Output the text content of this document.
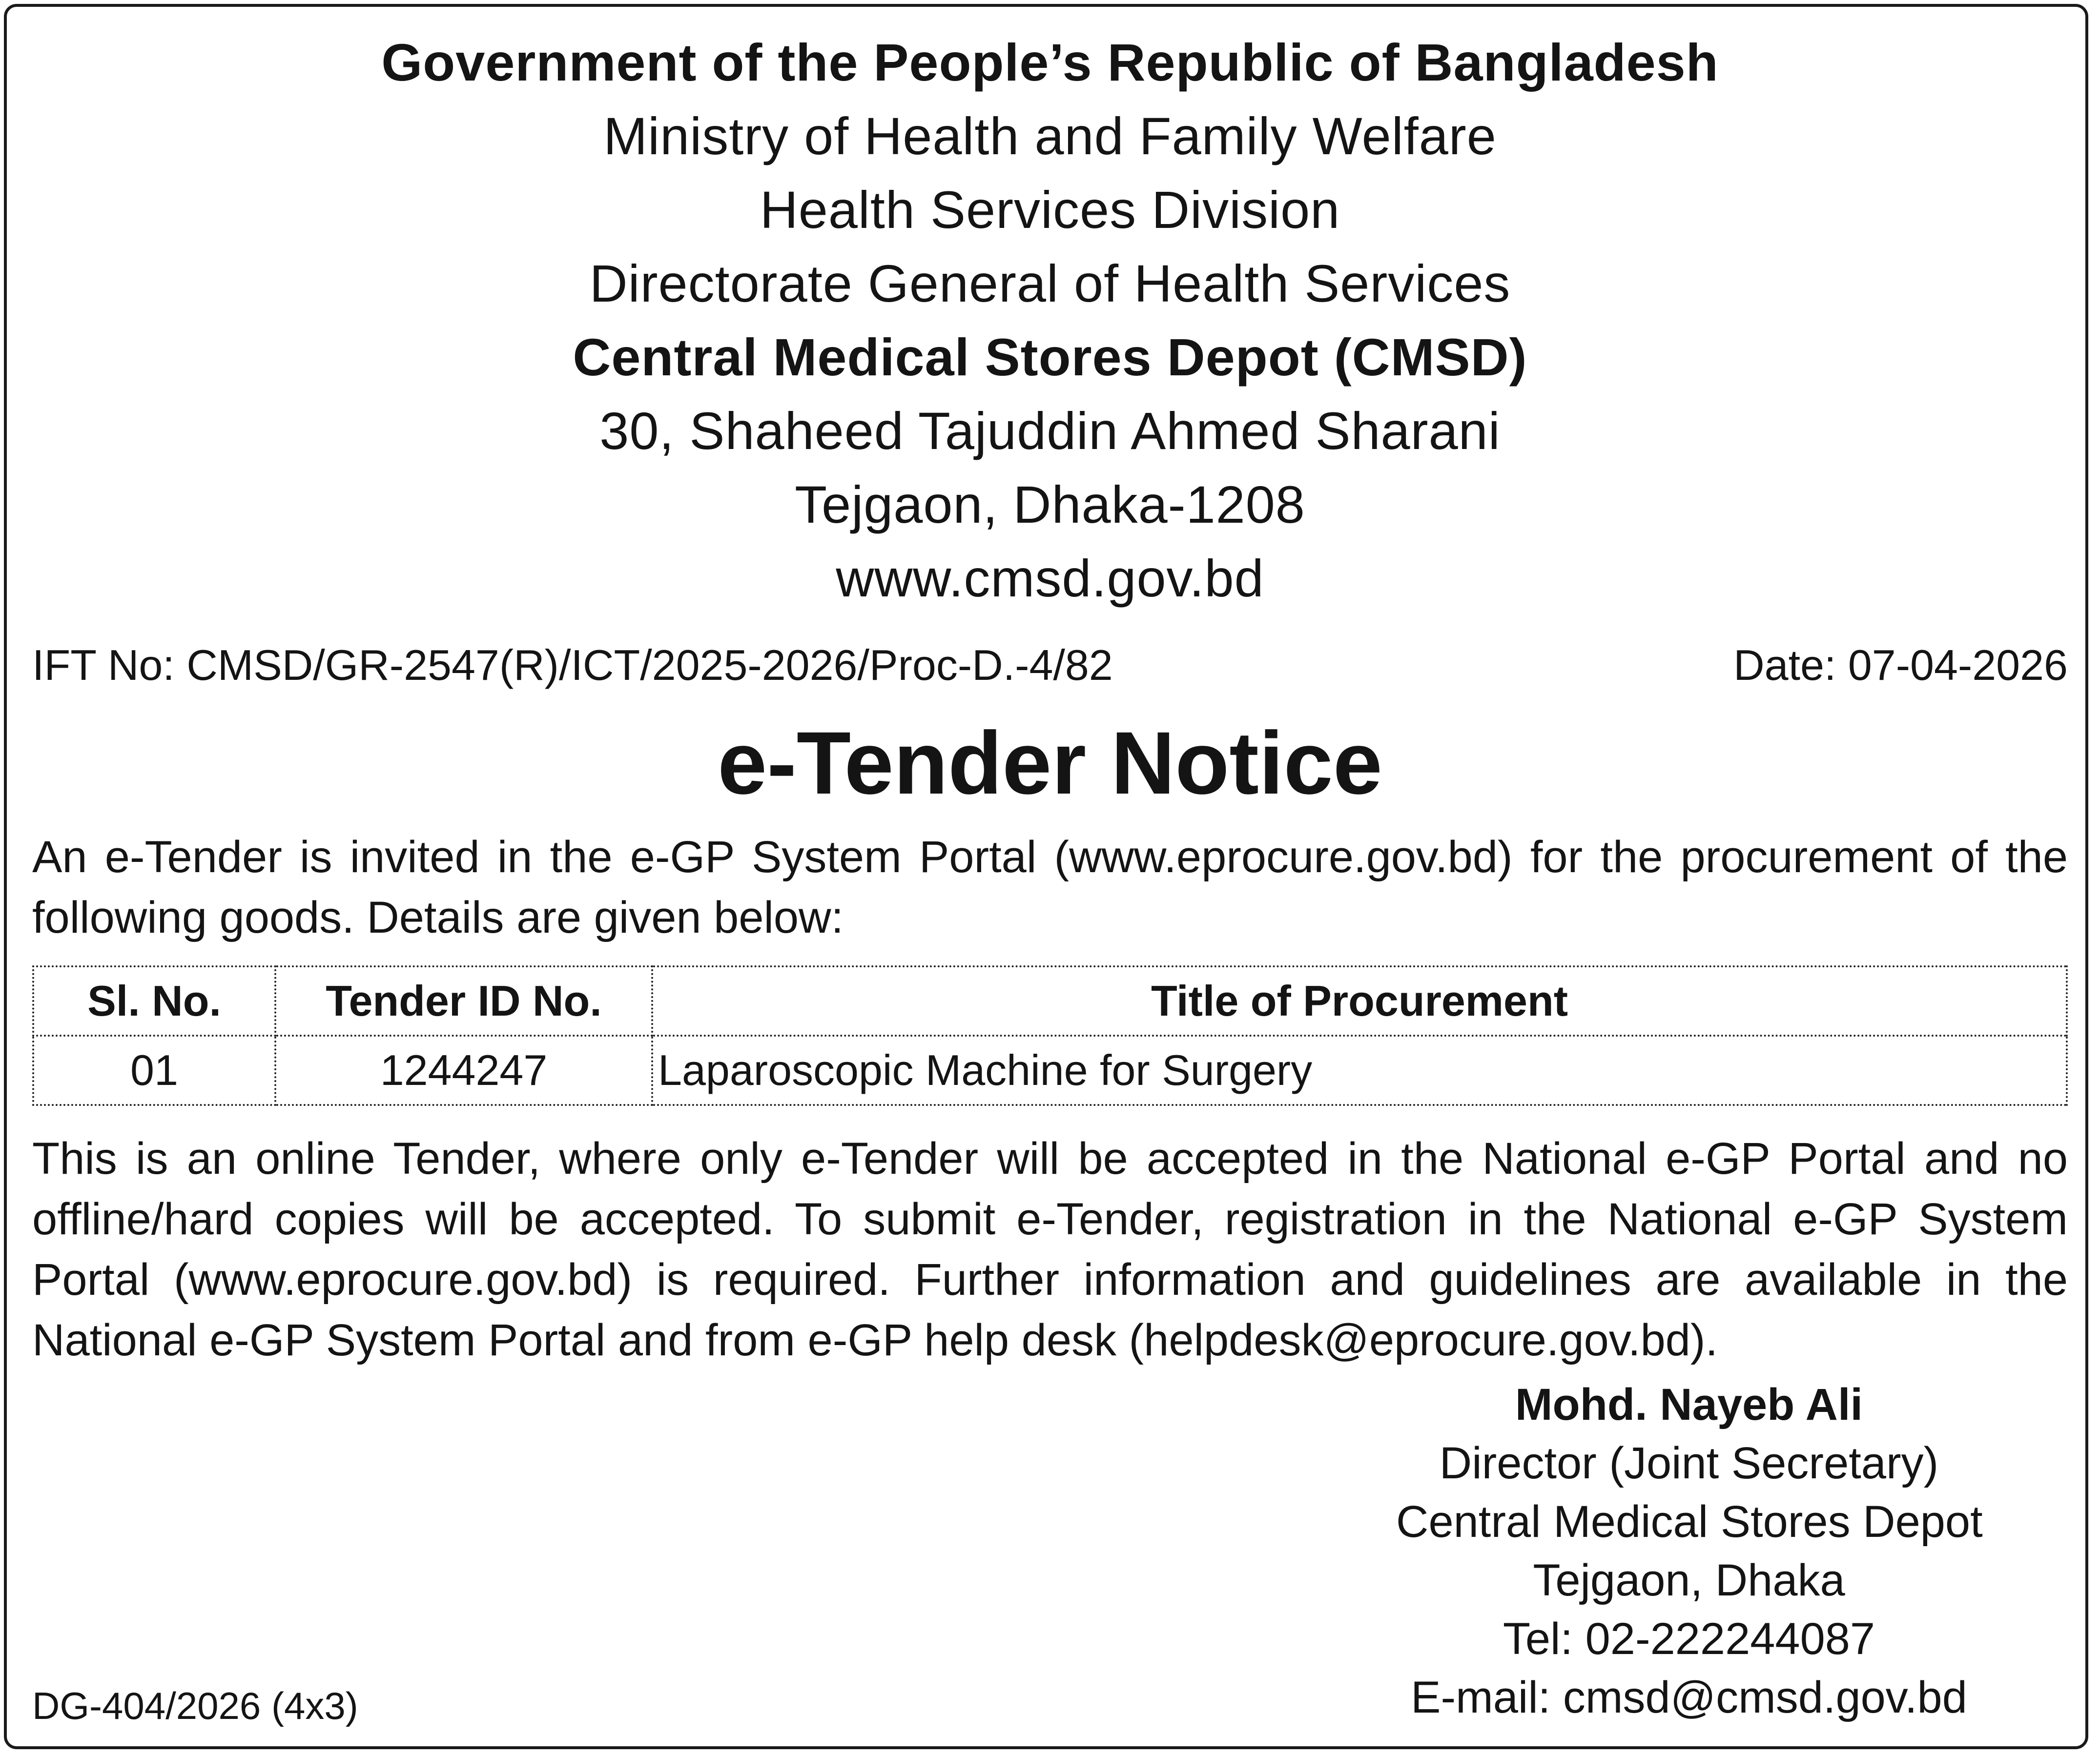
Government of the People’s Republic of Bangladesh
Ministry of Health and Family Welfare
Health Services Division
Directorate General of Health Services
Central Medical Stores Depot (CMSD)
30, Shaheed Tajuddin Ahmed Sharani
Tejgaon, Dhaka-1208
www.cmsd.gov.bd
IFT No: CMSD/GR-2547(R)/ICT/2025-2026/Proc-D.-4/82	Date: 07-04-2026
e-Tender Notice
An e-Tender is invited in the e-GP System Portal (www.eprocure.gov.bd) for the procurement of the following goods. Details are given below:
Sl. No.	Tender ID No.	Title of Procurement
01	1244247	Laparoscopic Machine for Surgery
This is an online Tender, where only e-Tender will be accepted in the National e-GP Portal and no offline/hard copies will be accepted. To submit e-Tender, registration in the National e-GP System Portal (www.eprocure.gov.bd) is required. Further information and guidelines are available in the National e-GP System Portal and from e-GP help desk (helpdesk@eprocure.gov.bd).
Mohd. Nayeb Ali
Director (Joint Secretary)
Central Medical Stores Depot
Tejgaon, Dhaka
Tel: 02-222244087
E-mail: cmsd@cmsd.gov.bd
DG-404/2026 (4x3)
